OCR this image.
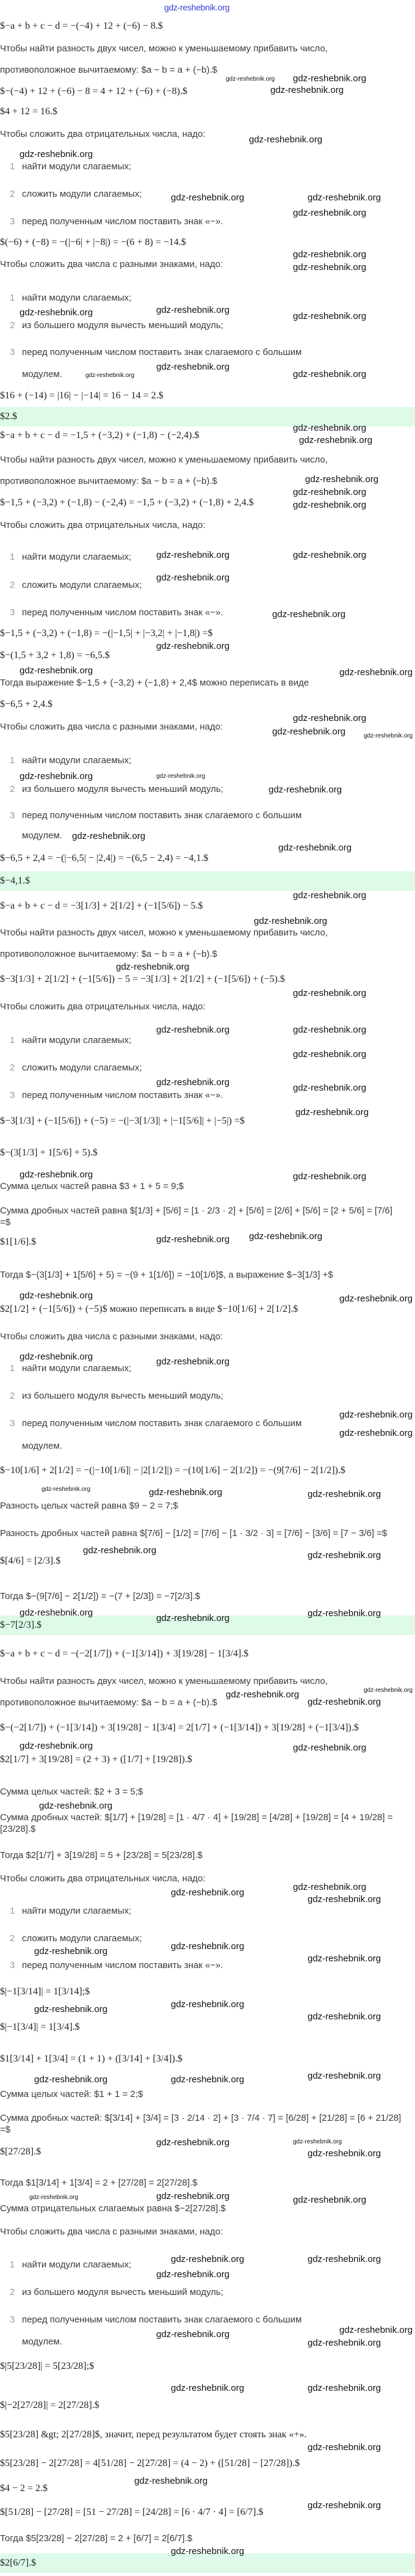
$−a + b + c − d = −(−4) + 12 + (−6) − 8.$
Чтобы найти разность двух чисел, можно к уменьшаемому прибавить число,
противоположное вычитаемому: $a − b = a + (−b).$
$−(−4) + 12 + (−6) − 8 = 4 + 12 + (−6) + (−8).$
$4 + 12 = 16.$
Чтобы сложить два отрицательных числа, надо:
1 найти модули слагаемых;
2 сложить модули слагаемых;
3 перед полученным числом поставить знак «−».
$(−6) + (−8) = −(|−6| + |−8|) = −(6 + 8) = −14.$
Чтобы сложить два числа с разными знаками, надо:
1 найти модули слагаемых;
2 из большего модуля вычесть меньший модуль;
3 перед полученным числом поставить знак слагаемого с большим
модулем.
$16 + (−14) = |16| − |−14| = 16 − 14 = 2.$
$2.$
$−a + b + c − d = −1,5 + (−3,2) + (−1,8) − (−2,4).$
Чтобы найти разность двух чисел, можно к уменьшаемому прибавить число,
противоположное вычитаемому: $a − b = a + (−b).$
$−1,5 + (−3,2) + (−1,8) − (−2,4) = −1,5 + (−3,2) + (−1,8) + 2,4.$
Чтобы сложить два отрицательных числа, надо:
1 найти модули слагаемых;
2 сложить модули слагаемых;
3 перед полученным числом поставить знак «−».
$−1,5 + (−3,2) + (−1,8) = −(|−1,5| + |−3,2| + |−1,8|) =$
$−(1,5 + 3,2 + 1,8) = −6,5.$
Тогда выражение $−1,5 + (−3,2) + (−1,8) + 2,4$ можно переписать в виде
$−6,5 + 2,4.$
Чтобы сложить два числа с разными знаками, надо:
1 найти модули слагаемых;
2 из большего модуля вычесть меньший модуль;
3 перед полученным числом поставить знак слагаемого с большим
модулем.
$−6,5 + 2,4 = −(|−6,5| − |2,4|) = −(6,5 − 2,4) = −4,1.$
$−4,1.$
$−a + b + c − d = −3[1/3] + 2[1/2] + (−1[5/6]) − 5.$
Чтобы найти разность двух чисел, можно к уменьшаемому прибавить число,
противоположное вычитаемому: $a − b = a + (−b).$
$−3[1/3] + 2[1/2] + (−1[5/6]) − 5 = −3[1/3] + 2[1/2] + (−1[5/6]) + (−5).$
Чтобы сложить два отрицательных числа, надо:
1 найти модули слагаемых;
2 сложить модули слагаемых;
3 перед полученным числом поставить знак «−».
$−3[1/3] + (−1[5/6]) + (−5) = −(|−3[1/3]| + |−1[5/6]| + |−5|) =$
$−(3[1/3] + 1[5/6] + 5).$
Сумма целых частей равна $3 + 1 + 5 = 9;$
Сумма дробных частей равна $[1/3] + [5/6] = [1 · 2/3 · 2] + [5/6] = [2/6] + [5/6] = [2 + 5/6] = [7/6] =$
$1[1/6].$
Тогда $−(3[1/3] + 1[5/6] + 5) = −(9 + 1[1/6]) = −10[1/6]$, а выражение $−3[1/3] +$
$2[1/2] + (−1[5/6]) + (−5)$ можно переписать в виде $−10[1/6] + 2[1/2].$
Чтобы сложить два числа с разными знаками, надо:
1 найти модули слагаемых;
2 из большего модуля вычесть меньший модуль;
3 перед полученным числом поставить знак слагаемого с большим
модулем.
$−10[1/6] + 2[1/2] = −(|−10[1/6]| − |2[1/2]|) = −(10[1/6] − 2[1/2]) = −(9[7/6] − 2[1/2]).$
Разность целых частей равна $9 − 2 = 7;$
Разность дробных частей равна $[7/6] − [1/2] = [7/6] − [1 · 3/2 · 3] = [7/6] − [3/6] = [7 − 3/6] =$
$[4/6] = [2/3].$
Тогда $−(9[7/6] − 2[1/2]) = −(7 + [2/3]) = −7[2/3].$
$−7[2/3].$
$−a + b + c − d = −(−2[1/7]) + (−1[3/14]) + 3[19/28] − 1[3/4].$
Чтобы найти разность двух чисел, можно к уменьшаемому прибавить число,
противоположное вычитаемому: $a − b = a + (−b).$
$−(−2[1/7]) + (−1[3/14]) + 3[19/28] − 1[3/4] = 2[1/7] + (−1[3/14]) + 3[19/28] + (−1[3/4]).$
$2[1/7] + 3[19/28] = (2 + 3) + ([1/7] + [19/28]).$
Сумма целых частей: $2 + 3 = 5;$
Сумма дробных частей: $[1/7] + [19/28] = [1 · 4/7 · 4] + [19/28] = [4/28] + [19/28] = [4 + 19/28] = [23/28].$
Тогда $2[1/7] + 3[19/28] = 5 + [23/28] = 5[23/28].$
Чтобы сложить два отрицательных числа, надо:
1 найти модули слагаемых;
2 сложить модули слагаемых;
3 перед полученным числом поставить знак «−».
$|−1[3/14]| = 1[3/14];$
$|−1[3/4]| = 1[3/4].$
$1[3/14] + 1[3/4] = (1 + 1) + ([3/14] + [3/4]).$
Сумма целых частей: $1 + 1 = 2;$
Сумма дробных частей: $[3/14] + [3/4] = [3 · 2/14 · 2] + [3 · 7/4 · 7] = [6/28] + [21/28] = [6 + 21/28] =$
$[27/28].$
Тогда $1[3/14] + 1[3/4] = 2 + [27/28] = 2[27/28].$
Сумма отрицательных слагаемых равна $−2[27/28].$
Чтобы сложить два числа с разными знаками, надо:
1 найти модули слагаемых;
2 из большего модуля вычесть меньший модуль;
3 перед полученным числом поставить знак слагаемого с большим
модулем.
$|5[23/28]| = 5[23/28];$
$|−2[27/28]| = 2[27/28].$
$5[23/28] &gt; 2[27/28]$, значит, перед результатом будет стоять знак «+».
$5[23/28] − 2[27/28] = 4[51/28] − 2[27/28] = (4 − 2) + ([51/28] − [27/28]).$
$4 − 2 = 2.$
$[51/28] − [27/28] = [51 − 27/28] = [24/28] = [6 · 4/7 · 4] = [6/7].$
Тогда $5[23/28] − 2[27/28] = 2 + [6/7] = 2[6/7].$
$2[6/7].$
gdz-reshebnik.org
gdz-reshebnik.org
gdz-reshebnik.org
gdz-reshebnik.org
gdz-reshebnik.org
gdz-reshebnik.org
gdz-reshebnik.org	gdz-reshebnik.org
gdz-reshebnik.org
gdz-reshebnik.org
gdz-reshebnik.org
gdz-reshebnik.org
gdz-reshebnik.org
gdz-reshebnik.org
gdz-reshebnik.org
gdz-reshebnik.org
gdz-reshebnik.org
gdz-reshebnik.org
gdz-reshebnik.org
gdz-reshebnik.org
gdz-reshebnik.org
gdz-reshebnik.org
gdz-reshebnik.org	gdz-reshebnik.org
gdz-reshebnik.org
gdz-reshebnik.org
gdz-reshebnik.org
gdz-reshebnik.org
gdz-reshebnik.org
gdz-reshebnik.org
gdz-reshebnik.org	gdz-reshebnik.org
gdz-reshebnik.org	gdz-reshebnik.org
gdz-reshebnik.org
gdz-reshebnik.org
gdz-reshebnik.org
gdz-reshebnik.org
gdz-reshebnik.org
gdz-reshebnik.org
gdz-reshebnik.org
gdz-reshebnik.org	gdz-reshebnik.org
gdz-reshebnik.org
gdz-reshebnik.org
gdz-reshebnik.org
gdz-reshebnik.org
gdz-reshebnik.org
gdz-reshebnik.org
gdz-reshebnik.org gdz-reshebnik.org
gdz-reshebnik.org
gdz-reshebnik.org
gdz-reshebnik.org
gdz-reshebnik.org
gdz-reshebnik.org
gdz-reshebnik.org
gdz-reshebnik.org	gdz-reshebnik.org	gdz-reshebnik.org
gdz-reshebnik.org	gdz-reshebnik.org
gdz-reshebnik.org
gdz-reshebnik.org
gdz-reshebnik.org
gdz-reshebnik.org
gdz-reshebnik.org
gdz-reshebnik.org
gdz-reshebnik.org
gdz-reshebnik.org
gdz-reshebnik.org
gdz-reshebnik.org
gdz-reshebnik.org
gdz-reshebnik.org
gdz-reshebnik.org	gdz-reshebnik.org
gdz-reshebnik.org
gdz-reshebnik.org	gdz-reshebnik.org
gdz-reshebnik.org
gdz-reshebnik.org	gdz-reshebnik.org	gdz-reshebnik.org
gdz-reshebnik.org	gdz-reshebnik.org
gdz-reshebnik.org
gdz-reshebnik.org	gdz-reshebnik.org
gdz-reshebnik.org
gdz-reshebnik.org	gdz-reshebnik.org
gdz-reshebnik.org
gdz-reshebnik.org	gdz-reshebnik.org
gdz-reshebnik.org
gdz-reshebnik.org	gdz-reshebnik.org
gdz-reshebnik.org
gdz-reshebnik.org
gdz-reshebnik.org
gdz-reshebnik.org
